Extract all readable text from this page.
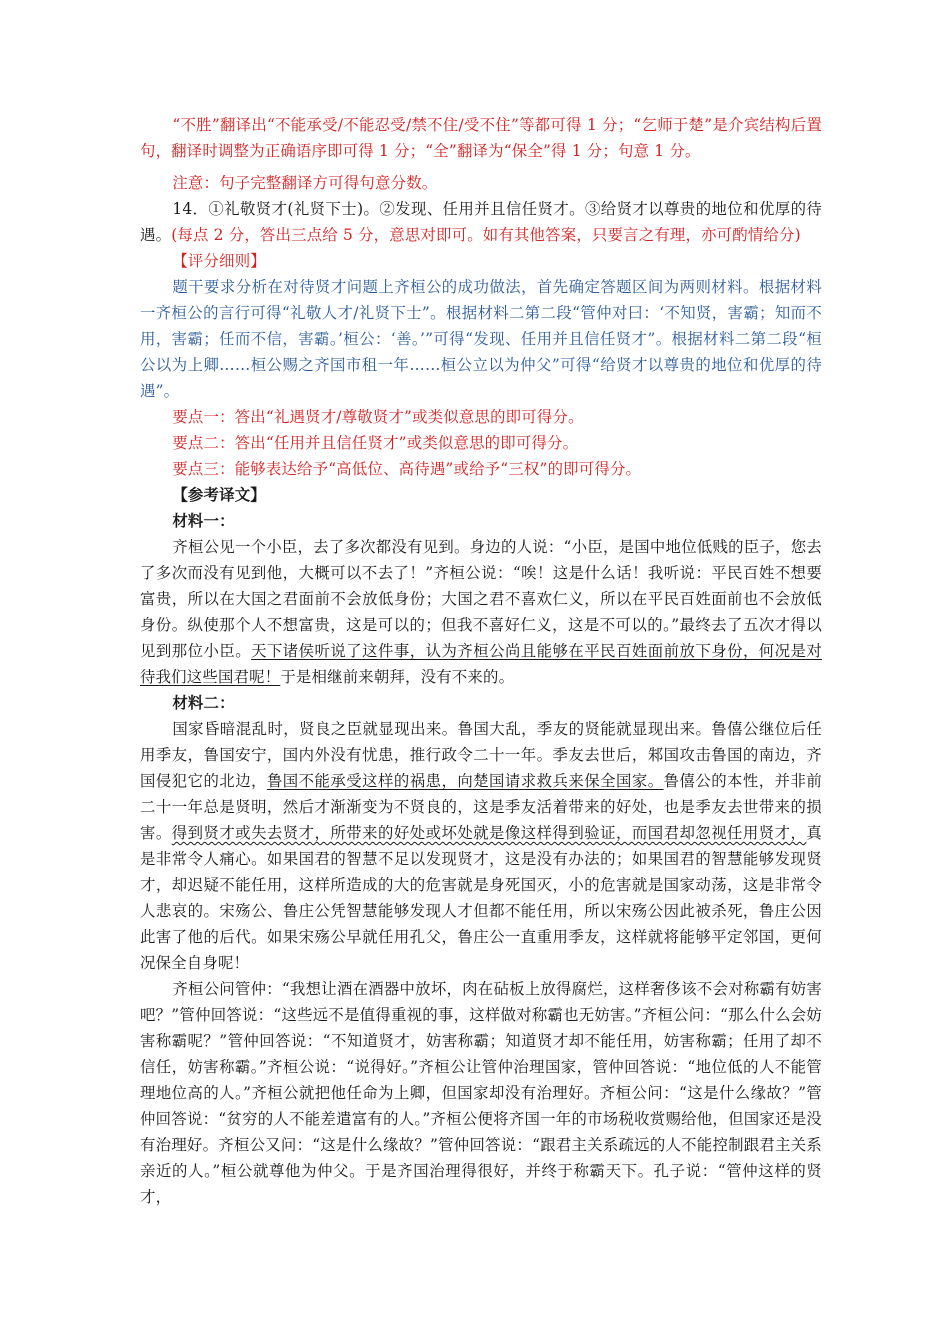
“不胜”翻译出“不能承受/不能忍受/禁不住/受不住”等都可得 1 分；“乞师于楚”是介宾结构后置句，翻译时调整为正确语序即可得 1 分；“全”翻译为“保全”得 1 分；句意 1 分。

注意：句子完整翻译方可得句意分数。

14．①礼敬贤才(礼贤下士)。②发现、任用并且信任贤才。③给贤才以尊贵的地位和优厚的待遇。(每点 2 分，答出三点给 5 分，意思对即可。如有其他答案，只要言之有理，亦可酌情给分)

【评分细则】

题干要求分析在对待贤才问题上齐桓公的成功做法，首先确定答题区间为两则材料。根据材料一齐桓公的言行可得“礼敬人才/礼贤下士”。根据材料二第二段“管仲对曰：‘不知贤，害霸；知而不用，害霸；任而不信，害霸。’桓公：‘善。’”可得“发现、任用并且信任贤才”。根据材料二第二段“桓公以为上卿……桓公赐之齐国市租一年……桓公立以为仲父”可得“给贤才以尊贵的地位和优厚的待遇”。

要点一：答出“礼遇贤才/尊敬贤才”或类似意思的即可得分。

要点二：答出“任用并且信任贤才”或类似意思的即可得分。

要点三：能够表达给予“高低位、高待遇”或给予“三权”的即可得分。

【参考译文】

材料一：

齐桓公见一个小臣，去了多次都没有见到。身边的人说：“小臣，是国中地位低贱的臣子，您去了多次而没有见到他，大概可以不去了！”齐桓公说：“唉！这是什么话！我听说：平民百姓不想要富贵，所以在大国之君面前不会放低身份；大国之君不喜欢仁义，所以在平民百姓面前也不会放低身份。纵使那个人不想富贵，这是可以的；但我不喜好仁义，这是不可以的。”最终去了五次才得以见到那位小臣。天下诸侯听说了这件事，认为齐桓公尚且能够在平民百姓面前放下身份，何况是对待我们这些国君呢！于是相继前来朝拜，没有不来的。

材料二：

国家昏暗混乱时，贤良之臣就显现出来。鲁国大乱，季友的贤能就显现出来。鲁僖公继位后任用季友，鲁国安宁，国内外没有忧患，推行政令二十一年。季友去世后，邾国攻击鲁国的南边，齐国侵犯它的北边，鲁国不能承受这样的祸患，向楚国请求救兵来保全国家。鲁僖公的本性，并非前二十一年总是贤明，然后才渐渐变为不贤良的，这是季友活着带来的好处，也是季友去世带来的损害。得到贤才或失去贤才，所带来的好处或坏处就是像这样得到验证，而国君却忽视任用贤才，真是非常令人痛心。如果国君的智慧不足以发现贤才，这是没有办法的；如果国君的智慧能够发现贤才，却迟疑不能任用，这样所造成的大的危害就是身死国灭，小的危害就是国家动荡，这是非常令人悲哀的。宋殇公、鲁庄公凭智慧能够发现人才但都不能任用，所以宋殇公因此被杀死，鲁庄公因此害了他的后代。如果宋殇公早就任用孔父，鲁庄公一直重用季友，这样就将能够平定邻国，更何况保全自身呢！

齐桓公问管仲：“我想让酒在酒器中放坏，肉在砧板上放得腐烂，这样奢侈该不会对称霸有妨害吧？”管仲回答说：“这些远不是值得重视的事，这样做对称霸也无妨害。”齐桓公问：“那么什么会妨害称霸呢？”管仲回答说：“不知道贤才，妨害称霸；知道贤才却不能任用，妨害称霸；任用了却不信任，妨害称霸。”齐桓公说：“说得好。”齐桓公让管仲治理国家，管仲回答说：“地位低的人不能管理地位高的人。”齐桓公就把他任命为上卿，但国家却没有治理好。齐桓公问：“这是什么缘故？”管仲回答说：“贫穷的人不能差遣富有的人。”齐桓公便将齐国一年的市场税收赏赐给他，但国家还是没有治理好。齐桓公又问：“这是什么缘故？”管仲回答说：“跟君主关系疏远的人不能控制跟君主关系亲近的人。”桓公就尊他为仲父。于是齐国治理得很好，并终于称霸天下。孔子说：“管仲这样的贤才，
